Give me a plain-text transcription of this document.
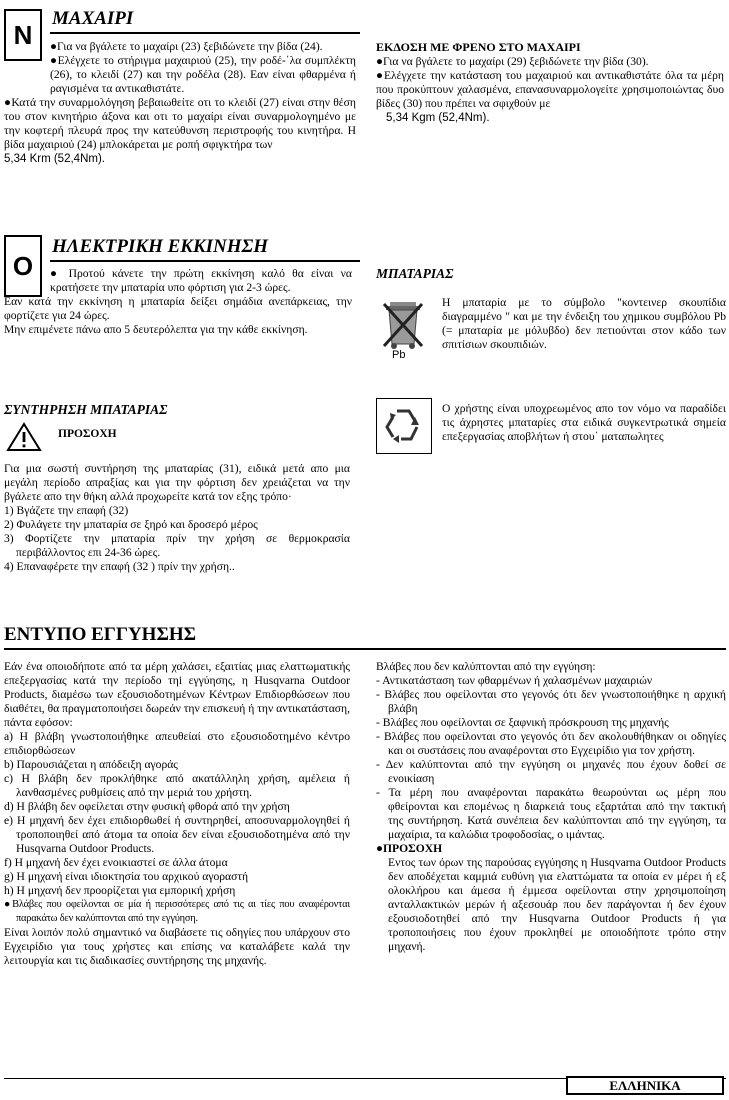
N
ΜΑΧΑΙΡΙ

●Για να βγάλετε το μαχαίρι (23) ξεβιδώνετε την βίδα (24).

●Ελέγχετε το στήριγμα μαχαιριού (25), την ροδέ-΄λα συμπλέκτη (26), το κλειδί (27) και την ροδέλα (28). Εαν είναι φθαρμένα ή ραγισμένα τα αντικαθιστάτε.

●Κατά την συναρμολόγηση βεβαιωθείτε οτι το κλειδί (27) είναι στην θέση του στον κινητήριο άξονα και οτι το μαχαίρι είναι συναρμολογημένο με την κοφτερή πλευρά προς την κατεύθυνση περιστροφής του κινητήρα. Η βίδα μαχαιριού (24) μπλοκάρεται με ροπή σφιγκτήρα των

5,34 Krm (52,4Nm).

ΕΚΔΟΣΗ ΜΕ ΦΡΕΝΟ ΣΤΟ ΜΑΧΑΙΡΙ

●Για να βγάλετε το μαχαίρι (29) ξεβιδώνετε την βίδα (30).

●Ελέγχετε την κατάσταση του μαχαιριού και αντικαθιστάτε όλα τα μέρη που προκύπτουν χαλασμένα, επανασυναρμολογείτε χρησιμοποιώντας δυο βίδες (30) που πρέπει να σφιχθούν με

5,34 Kgm (52,4Nm).

O
ΗΛΕΚΤΡΙΚΗ ΕΚΚΙΝΗΣΗ

● Προτού κάνετε την πρώτη εκκίνηση καλό θα είναι να κρατήσετε την μπαταρία υπο φόρτιση για 2-3 ώρες.

Εαν κατά την εκκίνηση η μπαταρία δείξει σημάδια ανεπάρκειας, την φορτίζετε για 24 ώρες.

Μην επιμένετε πάνω απο 5 δευτερόλεπτα για την κάθε εκκίνηση.

ΣΥΝΤΗΡΗΣΗ ΜΠΑΤΑΡΙΑΣ
ΠΡΟΣΟΧΗ

Για μια σωστή συντήρηση της μπαταρίας (31), ειδικά μετά απο μια μεγάλη περίοδο απραξίας και για την φόρτιση δεν χρειάζεται να την βγάλετε απο την θήκη αλλά προχωρείτε κατά τον εξης τρόπο·

1) Βγάζετε την επαφή (32)

2) Φυλάγετε την μπαταρία σε ξηρό και δροσερό μέρος

3) Φορτίζετε την μπαταρία πρίν την χρήση σε θερμοκρασία περιβάλλοντος επι 24-36 ώρες.

4) Επαναφέρετε την επαφή (32 ) πρίν την χρήση..

ΜΠΑΤΑΡΙΑΣ
Pb
Η μπαταρία με το σύμβολο "κοντεινερ σκουπίδια διαγραμμένο " και με την ένδειξη του χημικου συμβόλου Pb (= μπαταρία με μόλυβδο) δεν πετιούνται στον κάδο των σπιτίσιων σκουπιδιών.
Ο χρήστης είναι υποχρεωμένος απο τον νόμο να παραδίδει τις άχρηστες μπαταρίες στα ειδικά συγκεντρωτικά σημεία επεξεργασίας αποβλήτων ή στου΄ ματαπωλητες
ΕΝΤΥΠΟ ΕΓΓΥΗΣΗΣ

Εάν ένα οποιοδήποτε από τα μέρη χαλάσει, εξαιτίας μιας ελαττωματικής επεξεργασίας κατά την περίοδο τηi εγγύησης, η Husqvarna Outdoor Products, διαμέσω των εξουσιοδοτημένων Κέντρων Επιδιορθώσεων που διαθέτει, θα πραγματοποιήσει δωρεάν την επισκευή ή την αντικατάσταση, πάντα εφόσον:

a) Η βλάβη γνωστοποιήθηκε απευθείαί στο εξουσιοδοτημένο κέντρο επιδιορθώσεων

b) Παρουσιάζεται η απόδειξη αγοράς

c) Η βλάβη δεν προκλήθηκε από ακατάλληλη χρήση, αμέλεια ή λανθασμένες ρυθμίσεις από την μεριά του χρήστη.

d) Η βλάβη δεν οφείλεται στην φυσική φθορά από την χρήση

e) Η μηχανή δεν έχει επιδιορθωθεί ή συντηρηθεί, αποσυναρμολογηθεί ή τροποποιηθεί από άτομα τα οποία δεν είναι εξουσιοδοτημένα από την Husqvarna Outdoor Products.

f) Η μηχανή δεν έχει ενοικιαστεί σε άλλα άτομα

g) Η μηχανή είναι ιδιοκτησία του αρχικού αγοραστή

h) Η μηχανή δεν προορίζεται για εμπορική χρήση

●Βλάβες που οφείλονται σε μία ή περισσότερες από τις αι τίες που αναφέρονται παρακάτω δεν καλύπτονται από την εγγύηση.

Είναι λοιπόν πολύ σημαντικό να διαβάσετε τις οδηγίες που υπάρχουν στο Εγχειρίδιο για τους χρήστες και επίσης να καταλάβετε καλά την λειτουργία και τις διαδικασίες συντήρησης της μηχανής.

Βλάβες που δεν καλύπτονται από την εγγύηση:

- Αντικατάσταση των φθαρμένων ή χαλασμένων μαχαιριών

- Βλάβες που οφείλονται στο γεγονός ότι δεν γνωστοποιήθηκε η αρχική βλάβη

- Βλάβες που οφείλονται σε ξαφνική πρόσκρουση της μηχανής

- Βλάβες που οφείλονται στο γεγονός ότι δεν ακολουθήθηκαν οι οδηγίες και οι συστάσεις που αναφέρονται στο Εγχειρίδιο για τον χρήστη.

- Δεν καλύπτονται από την εγγύηση οι μηχανές που έχουν δοθεί σε ενοικίαση

- Τα μέρη που αναφέρονται παρακάτω θεωρούνται ως μέρη που φθείρονται και επομένως η διαρκειά τους εξαρτάται από την τακτική της συντήρηση. Κατά συνέπεια δεν καλύπτονται από την εγγύηση, τα μαχαίρια, τα καλώδια τροφοδοσίας, ο ιμάντας.

●ΠΡΟΣΟΧΗ

Εντος των όρων της παρούσας εγγύησης η Husqvarna Outdoor Products δεν αποδέχεται καμμιά ευθύνη για ελαττώματα τα οποία εν μέρει ή εξ ολοκλήρου και άμεσα ή έμμεσα οφείλονται στην χρησιμοποίηση ανταλλακτικών μερών ή αξεσουάρ που δεν παράγονται ή δεν έχουν εξουσιοδοτηθεί από την Husqvarna Outdoor Products ή για τροποποιήσεις που έχουν προκληθεί με οποιοδήποτε τρόπο στην μηχανή.

ΕΛΛΗΝΙΚΑ
